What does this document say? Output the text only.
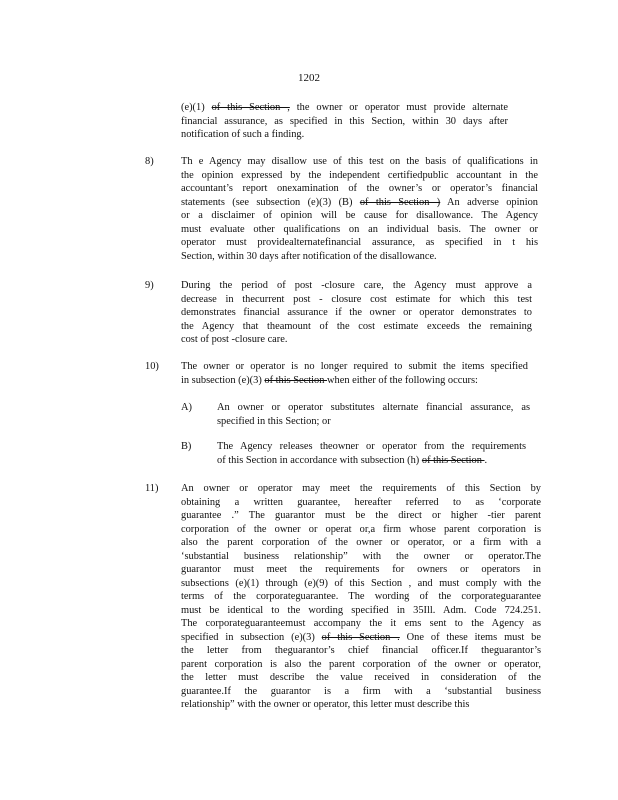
1202
(e)(1) of this Section , the owner or operator must provide alternate
financial assurance, as specified in this Section, within 30 days after
notification of such a finding.
8)	Th e Agency may disallow use of this test on the basis of qualifications in
the opinion expressed by the independent certifiedpublic accountant in the
accountant’s report onexamination of the owner’s or operator’s financial
statements (see subsection (e)(3) (B) of this Section ) An adverse opinion
or a disclaimer of opinion will be cause for disallowance. The Agency
must evaluate other qualifications on an individual basis. The owner or
operator must providealternatefinancial assurance, as specified in t his
Section, within 30 days after notification of the disallowance.
9)	During the period of post -closure care, the Agency must approve a
decrease in thecurrent post - closure cost estimate for which this test
demonstrates financial assurance if the owner or operator demonstrates to
the Agency that theamount of the cost estimate exceeds the remaining
cost of post -closure care.
10) The owner or operator is no longer required to submit the items specified
in subsection (e)(3) of this Section when either of the following occurs:
A) An owner or operator substitutes alternate financial assurance, as
specified in this Section; or
B) The Agency releases theowner or operator from the requirements
of this Section in accordance with subsection (h) of this Section .
11) An owner or operator may meet the requirements of this Section by
obtaining a written guarantee, hereafter referred to as ‘corporate
guarantee .” The guarantor must be the direct or higher -tier parent
corporation of the owner or operat or,a firm whose parent corporation is
also the parent corporation of the owner or operator, or a firm with a
‘substantial business relationship” with the owner or operator.The
guarantor must meet the requirements for owners or operators in
subsections (e)(1) through (e)(9) of this Section , and must comply with the
terms of the corporateguarantee. The wording of the corporateguarantee
must be identical to the wording specified in 35Ill. Adm. Code 724.251.
The corporateguaranteemust accompany the it ems sent to the Agency as
specified in subsection (e)(3) of this Section . One of these items must be
the letter from theguarantor’s chief financial officer.If theguarantor’s
parent corporation is also the parent corporation of the owner or operator,
the letter must describe the value received in consideration of the
guarantee.If the guarantor is a firm with a ‘substantial business
relationship” with the owner or operator, this letter must describe this
